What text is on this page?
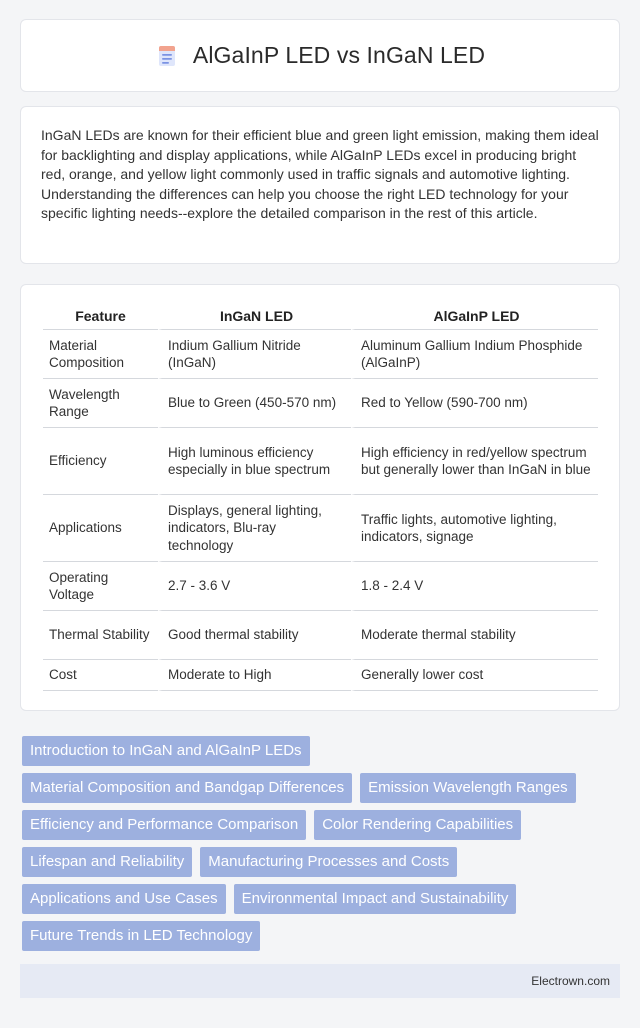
AlGaInP LED vs InGaN LED

InGaN LEDs are known for their efficient blue and green light emission, making them ideal for backlighting and display applications, while AlGaInP LEDs excel in producing bright red, orange, and yellow light commonly used in traffic signals and automotive lighting. Understanding the differences can help you choose the right LED technology for your specific lighting needs--explore the detailed comparison in the rest of this article.

Feature	InGaN LED	AlGaInP LED
Material Composition	Indium Gallium Nitride (InGaN)	Aluminum Gallium Indium Phosphide (AlGaInP)
Wavelength Range	Blue to Green (450-570 nm)	Red to Yellow (590-700 nm)
Efficiency	High luminous efficiency especially in blue spectrum	High efficiency in red/yellow spectrum but generally lower than InGaN in blue
Applications	Displays, general lighting, indicators, Blu-ray technology	Traffic lights, automotive lighting, indicators, signage
Operating Voltage	2.7 - 3.6 V	1.8 - 2.4 V
Thermal Stability	Good thermal stability	Moderate thermal stability
Cost	Moderate to High	Generally lower cost
Introduction to InGaN and AlGaInP LEDs
Material Composition and Bandgap Differences	Emission Wavelength Ranges
Efficiency and Performance Comparison	Color Rendering Capabilities
Lifespan and Reliability	Manufacturing Processes and Costs
Applications and Use Cases	Environmental Impact and Sustainability
Future Trends in LED Technology
Electrown.com
